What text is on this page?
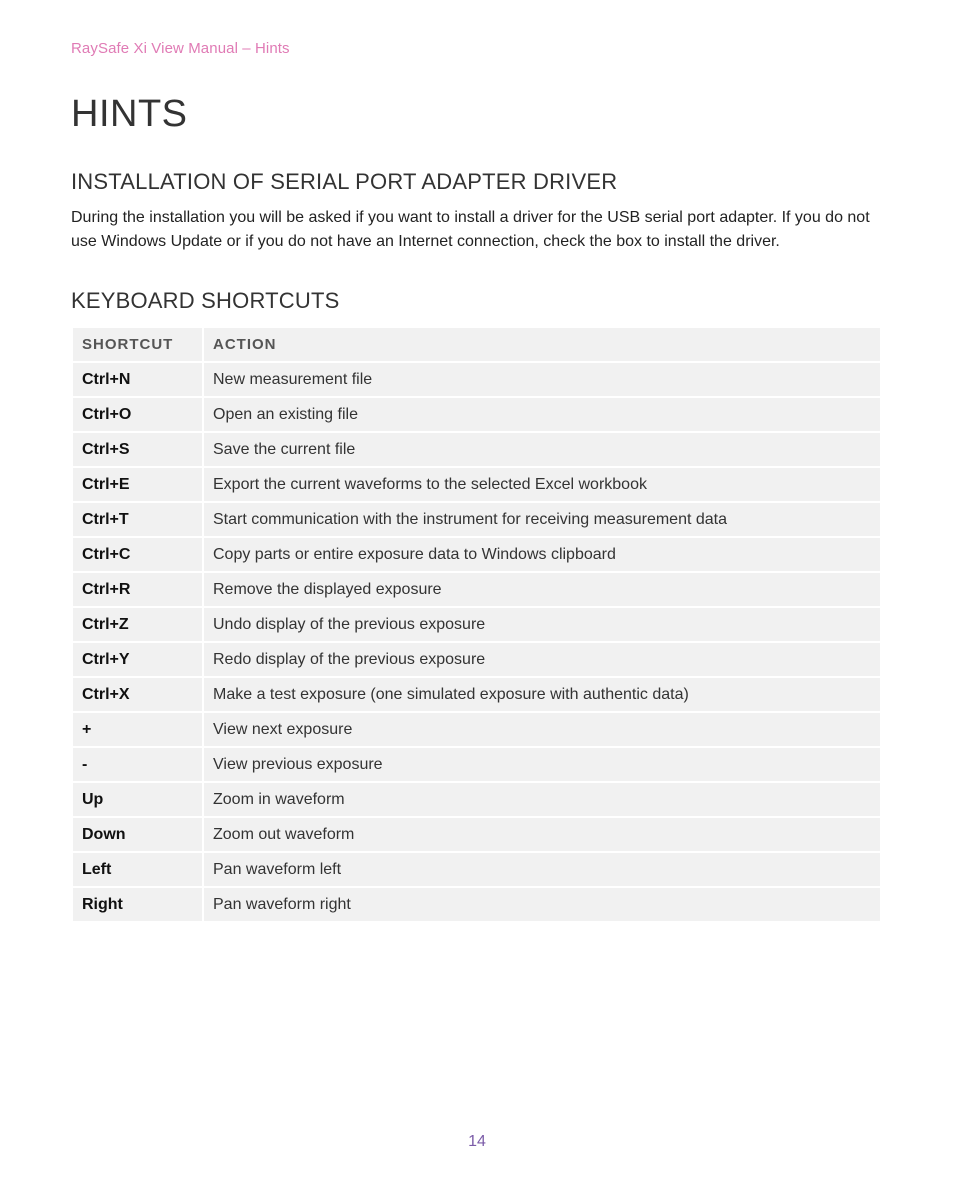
RaySafe Xi View Manual – Hints
HINTS
INSTALLATION OF SERIAL PORT ADAPTER DRIVER

During the installation you will be asked if you want to install a driver for the USB serial port adapter. If you do not use Windows Update or if you do not have an Internet connection, check the box to install the driver.

KEYBOARD SHORTCUTS
SHORTCUT	ACTION
Ctrl+N	New measurement file
Ctrl+O	Open an existing file
Ctrl+S	Save the current file
Ctrl+E	Export the current waveforms to the selected Excel workbook
Ctrl+T	Start communication with the instrument for receiving measurement data
Ctrl+C	Copy parts or entire exposure data to Windows clipboard
Ctrl+R	Remove the displayed exposure
Ctrl+Z	Undo display of the previous exposure
Ctrl+Y	Redo display of the previous exposure
Ctrl+X	Make a test exposure (one simulated exposure with authentic data)
+	View next exposure
-	View previous exposure
Up	Zoom in waveform
Down	Zoom out waveform
Left	Pan waveform left
Right	Pan waveform right
14
